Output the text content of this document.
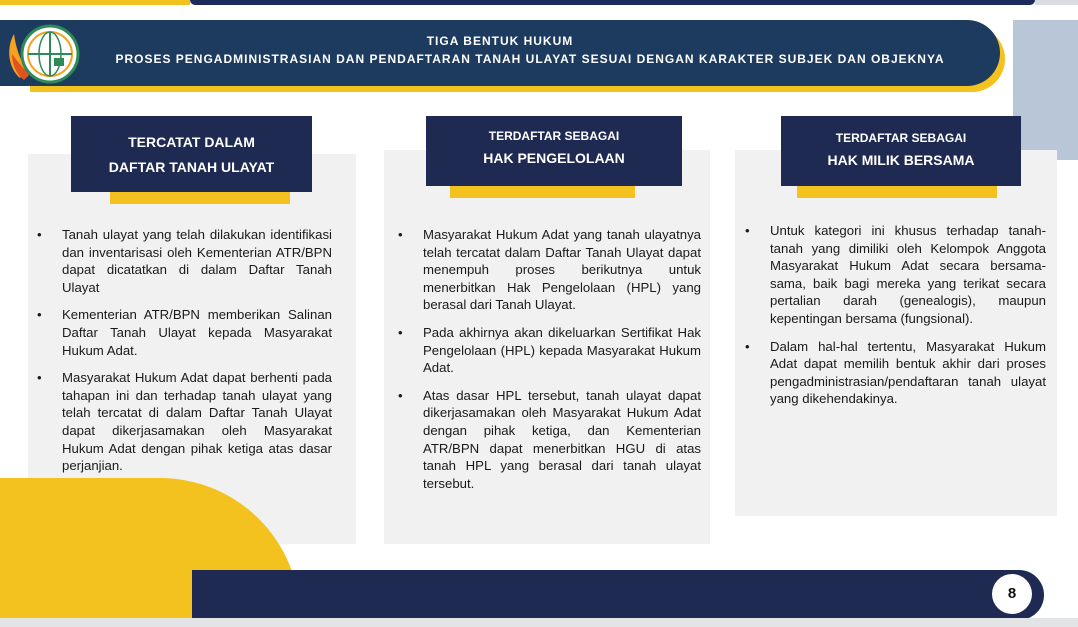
TIGA BENTUK HUKUM
PROSES PENGADMINISTRASIAN DAN PENDAFTARAN TANAH ULAYAT SESUAI DENGAN KARAKTER SUBJEK DAN OBJEKNYA
TERCATAT DALAM
DAFTAR TANAH ULAYAT
TERDAFTAR SEBAGAI
HAK PENGELOLAAN
TERDAFTAR SEBAGAI
HAK MILIK BERSAMA
• Tanah ulayat yang telah dilakukan identifikasi dan inventarisasi oleh Kementerian ATR/BPN dapat dicatatkan di dalam Daftar Tanah Ulayat
• Kementerian ATR/BPN memberikan Salinan Daftar Tanah Ulayat kepada Masyarakat Hukum Adat.
• Masyarakat Hukum Adat dapat berhenti pada tahapan ini dan terhadap tanah ulayat yang telah tercatat di dalam Daftar Tanah Ulayat dapat dikerjasamakan oleh Masyarakat Hukum Adat dengan pihak ketiga atas dasar perjanjian.
• Masyarakat Hukum Adat yang tanah ulayatnya telah tercatat dalam Daftar Tanah Ulayat dapat menempuh proses berikutnya untuk menerbitkan Hak Pengelolaan (HPL) yang berasal dari Tanah Ulayat.
• Pada akhirnya akan dikeluarkan Sertifikat Hak Pengelolaan (HPL) kepada Masyarakat Hukum Adat.
• Atas dasar HPL tersebut, tanah ulayat dapat dikerjasamakan oleh Masyarakat Hukum Adat dengan pihak ketiga, dan Kementerian ATR/BPN dapat menerbitkan HGU di atas tanah HPL yang berasal dari tanah ulayat tersebut.
• Untuk kategori ini khusus terhadap tanah- tanah yang dimiliki oleh Kelompok Anggota Masyarakat Hukum Adat secara bersama- sama, baik bagi mereka yang terikat secara pertalian darah (genealogis), maupun kepentingan bersama (fungsional).
• Dalam hal-hal tertentu, Masyarakat Hukum Adat dapat memilih bentuk akhir dari proses pengadministrasian/pendaftaran tanah ulayat yang dikehendakinya.
8
